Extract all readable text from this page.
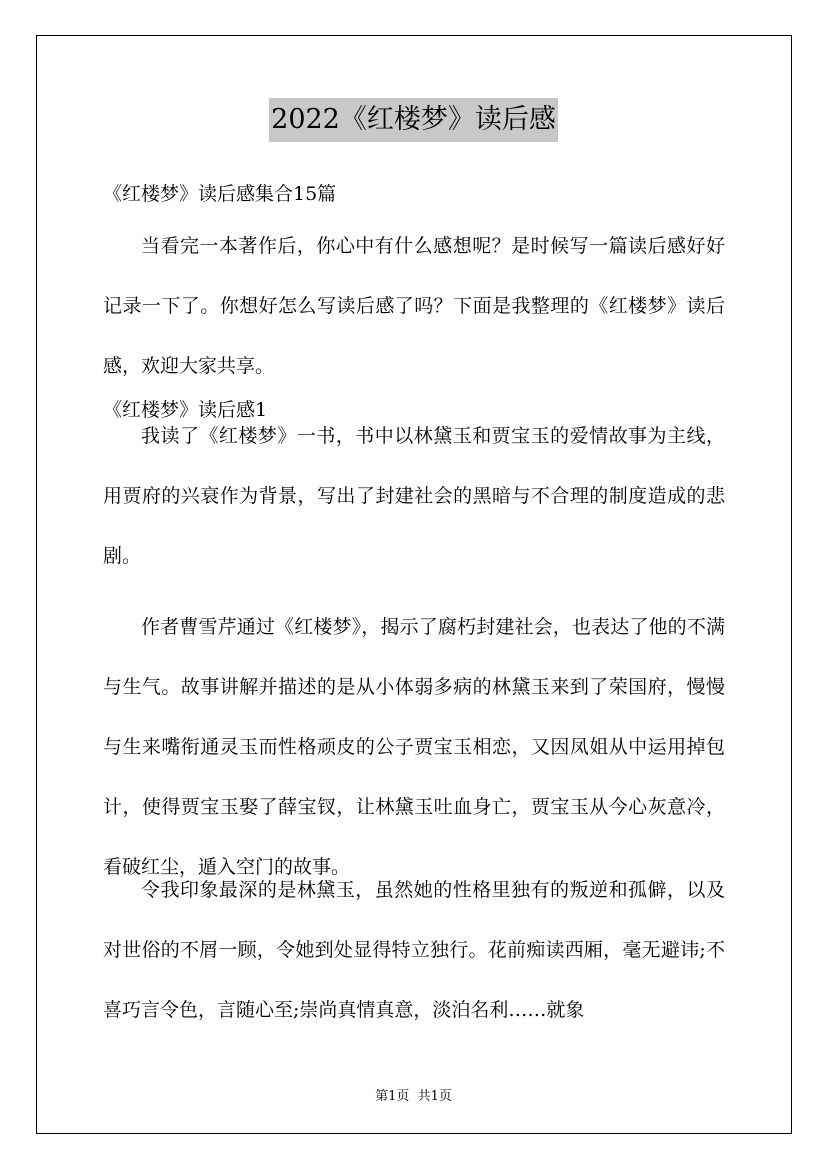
2022《红楼梦》读后感

《红楼梦》读后感集合15篇

当看完一本著作后，你心中有什么感想呢？是时候写一篇读后感好好记录一下了。你想好怎么写读后感了吗？下面是我整理的《红楼梦》读后感，欢迎大家共享。

《红楼梦》读后感1

我读了《红楼梦》一书，书中以林黛玉和贾宝玉的爱情故事为主线，用贾府的兴衰作为背景，写出了封建社会的黑暗与不合理的制度造成的悲剧。

作者曹雪芹通过《红楼梦》，揭示了腐朽封建社会，也表达了他的不满与生气。故事讲解并描述的是从小体弱多病的林黛玉来到了荣国府，慢慢与生来嘴衔通灵玉而性格顽皮的公子贾宝玉相恋，又因凤姐从中运用掉包计，使得贾宝玉娶了薛宝钗，让林黛玉吐血身亡，贾宝玉从今心灰意冷，看破红尘，遁入空门的故事。

令我印象最深的是林黛玉，虽然她的性格里独有的叛逆和孤僻，以及对世俗的不屑一顾，令她到处显得特立独行。花前痴读西厢，毫无避讳;不喜巧言令色，言随心至;崇尚真情真意，淡泊名利……就象

第1页  共1页
